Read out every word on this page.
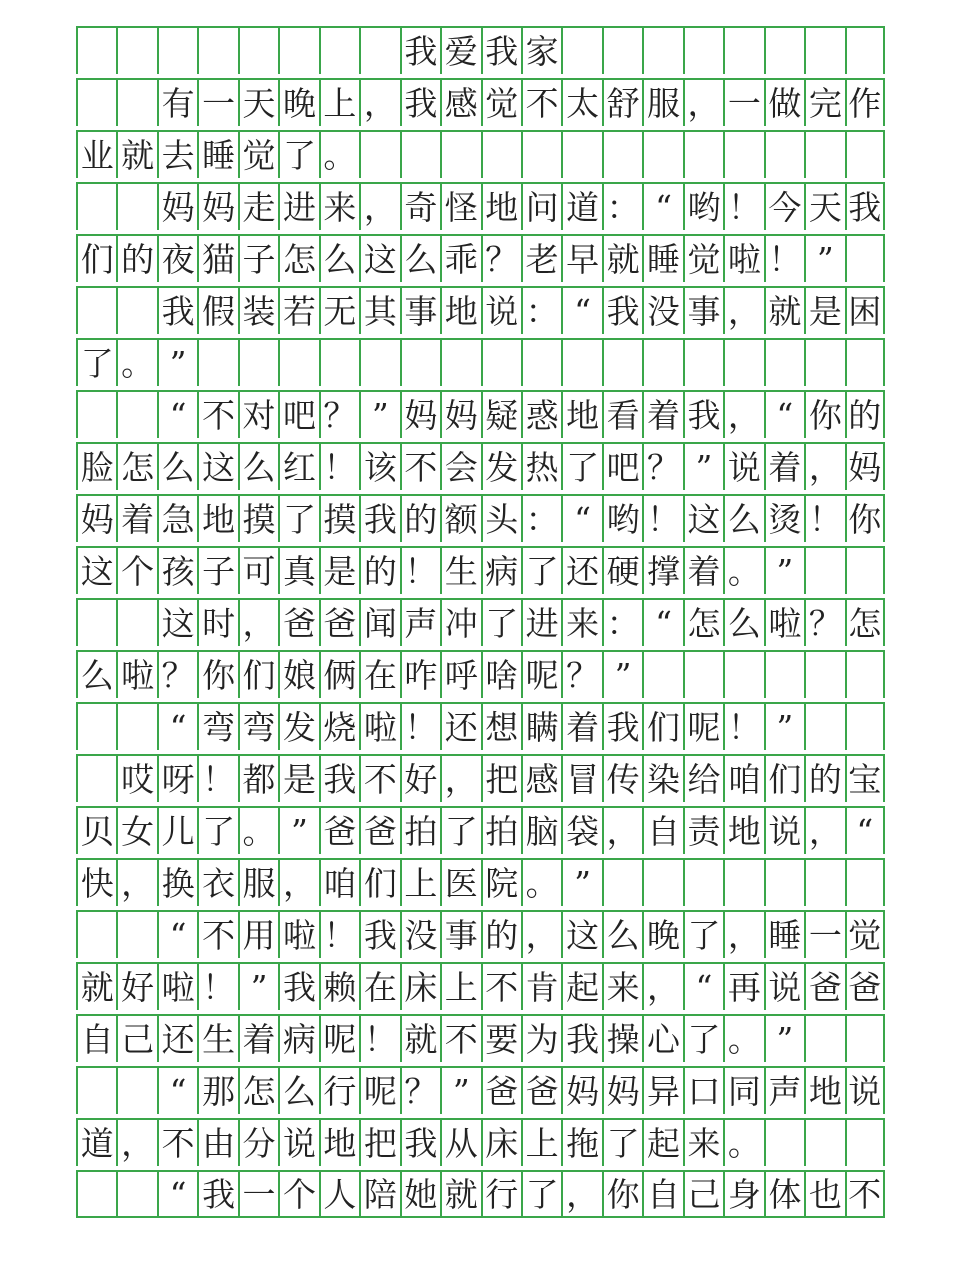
我 爱 我 家
有 一 天 晚 上 ， 我 感 觉 不 太 舒 服 ， 一 做 完 作
业 就 去 睡 觉 了 。
妈 妈 走 进 来 ， 奇 怪 地 问 道 ： “ 哟 ！ 今 天 我
们 的 夜 猫 子 怎 么 这 么 乖 ？ 老 早 就 睡 觉 啦 ！ ”
我 假 装 若 无 其 事 地 说 ： “ 我 没 事 ， 就 是 困
了 。 ”
“ 不 对 吧 ？ ” 妈 妈 疑 惑 地 看 着 我 ， “ 你 的
脸 怎 么 这 么 红 ！ 该 不 会 发 热 了 吧 ？ ” 说 着 ， 妈
妈 着 急 地 摸 了 摸 我 的 额 头 ： “ 哟 ！ 这 么 烫 ！ 你
这 个 孩 子 可 真 是 的 ！ 生 病 了 还 硬 撑 着 。 ”
这 时 ， 爸 爸 闻 声 冲 了 进 来 ： “ 怎 么 啦 ？ 怎
么 啦 ？ 你 们 娘 俩 在 咋 呼 啥 呢 ？ ”
“ 弯 弯 发 烧 啦 ！ 还 想 瞒 着 我 们 呢 ！ ”
哎 呀 ！ 都 是 我 不 好 ， 把 感 冒 传 染 给 咱 们 的 宝
贝 女 儿 了 。 ” 爸 爸 拍 了 拍 脑 袋 ， 自 责 地 说 ， “
快 ， 换 衣 服 ， 咱 们 上 医 院 。 ”
“ 不 用 啦 ！ 我 没 事 的 ， 这 么 晚 了 ， 睡 一 觉
就 好 啦 ！ ” 我 赖 在 床 上 不 肯 起 来 ， “ 再 说 爸 爸
自 己 还 生 着 病 呢 ！ 就 不 要 为 我 操 心 了 。 ”
“ 那 怎 么 行 呢 ？ ” 爸 爸 妈 妈 异 口 同 声 地 说
道 ， 不 由 分 说 地 把 我 从 床 上 拖 了 起 来 。
“ 我 一 个 人 陪 她 就 行 了 ， 你 自 己 身 体 也 不
